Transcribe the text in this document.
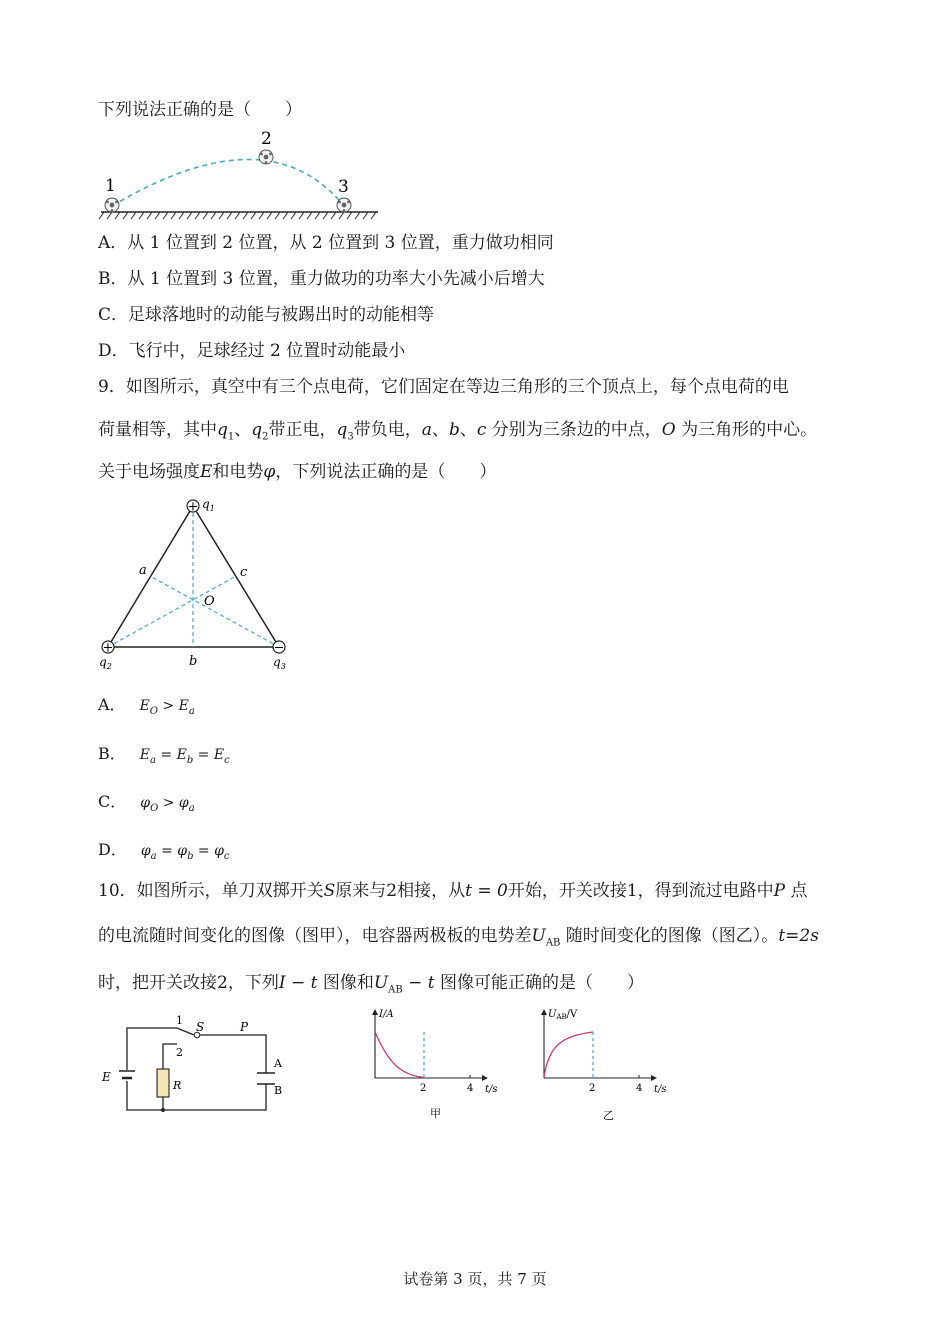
下列说法正确的是（　　）
1
2
3
A．从 1 位置到 2 位置，从 2 位置到 3 位置，重力做功相同
B．从 1 位置到 3 位置，重力做功的功率大小先减小后增大
C．足球落地时的动能与被踢出时的动能相等
D．飞行中，足球经过 2 位置时动能最小
9．如图所示，真空中有三个点电荷，它们固定在等边三角形的三个顶点上，每个点电荷的电
荷量相等，其中$q_1$、$q_2$带正电，$q_3$带负电，a、b、c 分别为三条边的中点，O 为三角形的中心。
关于电场强度E和电势φ，下列说法正确的是（　　）
+
+	−
$q_1$
$q_2$	$q_3$
a	c
b
O
A． $E_O > E_a$
B． $E_a = E_b = E_c$
C． $\varphi_O > \varphi_a$
D． $\varphi_a = \varphi_b = \varphi_c$
10．如图所示，单刀双掷开关S原来与2相接，从t = 0开始，开关改接1，得到流过电路中P 点
的电流随时间变化的图像（图甲），电容器两极板的电势差$U_{AB}$ 随时间变化的图像（图乙）。t=2s
时，把开关改接2，下列I − t 图像和$U_{AB} - t$ 图像可能正确的是（　　）
E
R
S	P
1
2
A
B
I/A
2	4 t/s
甲
$U_{AB}/V$
2	4 t/s
乙
试卷第 3 页，共 7 页
